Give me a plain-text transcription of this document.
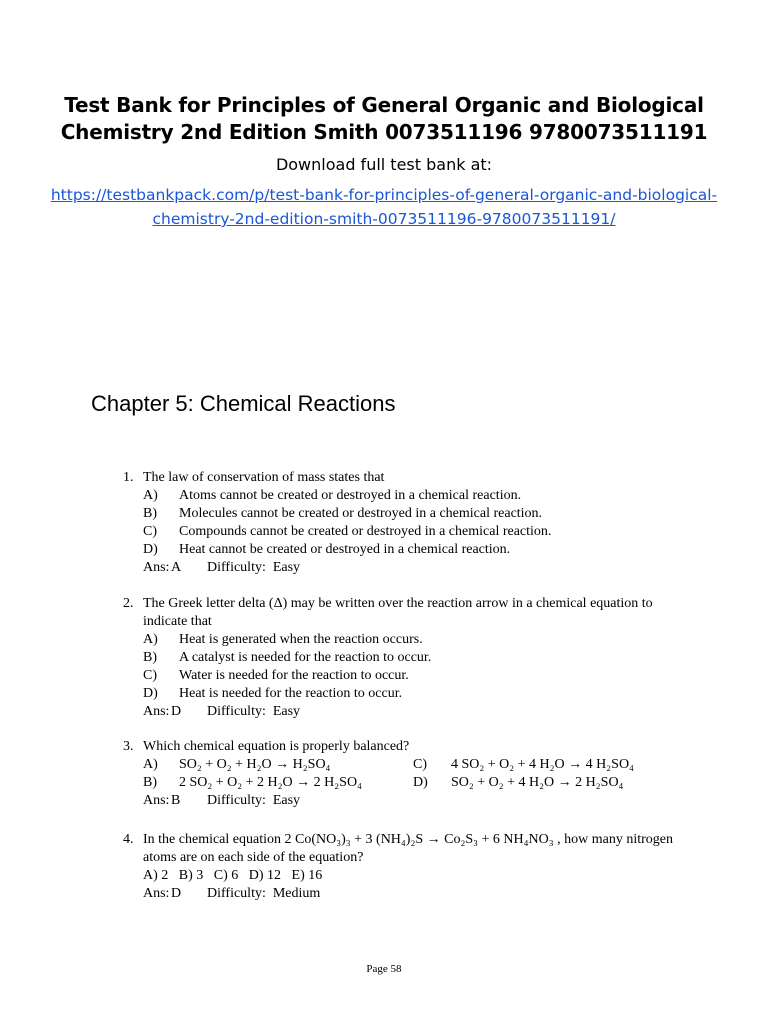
Test Bank for Principles of General Organic and Biological Chemistry 2nd Edition Smith 0073511196 9780073511191
Download full test bank at:
https://testbankpack.com/p/test-bank-for-principles-of-general-organic-and-biological-chemistry-2nd-edition-smith-0073511196-9780073511191/
Chapter 5: Chemical Reactions
1. The law of conservation of mass states that
A)	Atoms cannot be created or destroyed in a chemical reaction.
B)	Molecules cannot be created or destroyed in a chemical reaction.
C)	Compounds cannot be created or destroyed in a chemical reaction.
D)	Heat cannot be created or destroyed in a chemical reaction.
Ans: A	Difficulty:
Easy
2. The Greek letter delta (Δ) may be written over the reaction arrow in a chemical equation to indicate that
A)	Heat is generated when the reaction occurs.
B)	A catalyst is needed for the reaction to occur.
C)	Water is needed for the reaction to occur.
D)	Heat is needed for the reaction to occur.
Ans: D	Difficulty:
Easy
3. Which chemical equation is properly balanced?
A)	SO₂ + O₂ + H₂O → H₂SO₄	C)	4 SO₂ + O₂ + 4 H₂O → 4 H₂SO₄
B)	2 SO₂ + O₂ + 2 H₂O → 2 H₂SO₄	D)	SO₂ + O₂ + 4 H₂O → 2 H₂SO₄
Ans: B	Difficulty:
Easy
4. In the chemical equation 2 Co(NO₃)₃ + 3 (NH₄)₂S → Co₂S₃ + 6 NH₄NO₃ , how many nitrogen atoms are on each side of the equation?
A) 2   B) 3   C) 6   D) 12   E) 16
Ans: D	Difficulty:
Medium
Page 58
